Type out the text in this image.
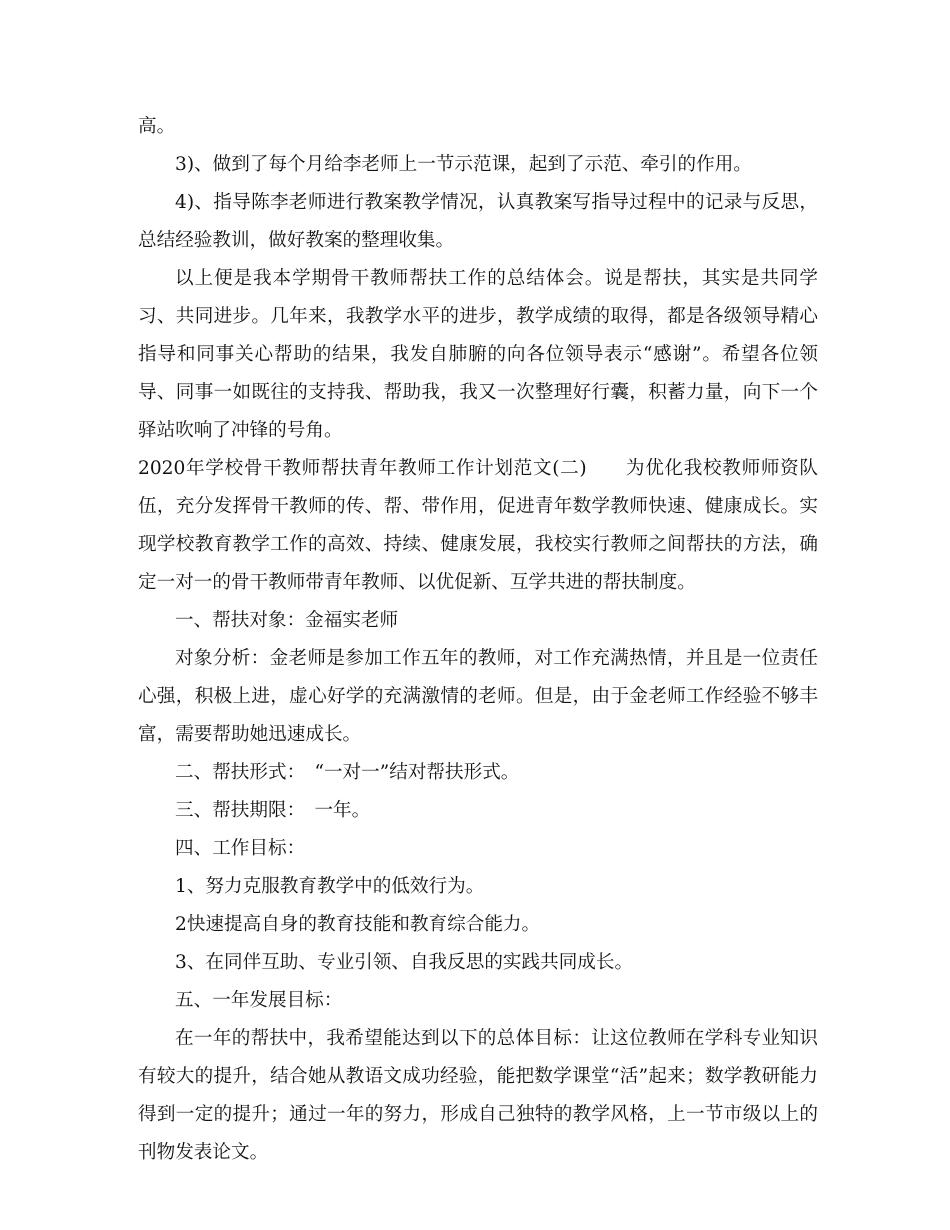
高。

3)、做到了每个月给李老师上一节示范课，起到了示范、牵引的作用。

4)、指导陈李老师进行教案教学情况，认真教案写指导过程中的记录与反思，总结经验教训，做好教案的整理收集。

以上便是我本学期骨干教师帮扶工作的总结体会。说是帮扶，其实是共同学习、共同进步。几年来，我教学水平的进步，教学成绩的取得，都是各级领导精心指导和同事关心帮助的结果，我发自肺腑的向各位领导表示“感谢”。希望各位领导、同事一如既往的支持我、帮助我，我又一次整理好行囊，积蓄力量，向下一个驿站吹响了冲锋的号角。

2020年学校骨干教师帮扶青年教师工作计划范文(二)　　为优化我校教师师资队伍，充分发挥骨干教师的传、帮、带作用，促进青年数学教师快速、健康成长。实现学校教育教学工作的高效、持续、健康发展，我校实行教师之间帮扶的方法，确定一对一的骨干教师带青年教师、以优促新、互学共进的帮扶制度。

一、帮扶对象：金福实老师

对象分析：金老师是参加工作五年的教师，对工作充满热情，并且是一位责任心强，积极上进，虚心好学的充满激情的老师。但是，由于金老师工作经验不够丰富，需要帮助她迅速成长。

二、帮扶形式：　“一对一”结对帮扶形式。

三、帮扶期限：　一年。

四、工作目标：

1、努力克服教育教学中的低效行为。

2快速提高自身的教育技能和教育综合能力。

3、在同伴互助、专业引领、自我反思的实践共同成长。

五、一年发展目标：

在一年的帮扶中，我希望能达到以下的总体目标：让这位教师在学科专业知识有较大的提升，结合她从教语文成功经验，能把数学课堂“活”起来；数学教研能力得到一定的提升；通过一年的努力，形成自己独特的教学风格，上一节市级以上的刊物发表论文。
